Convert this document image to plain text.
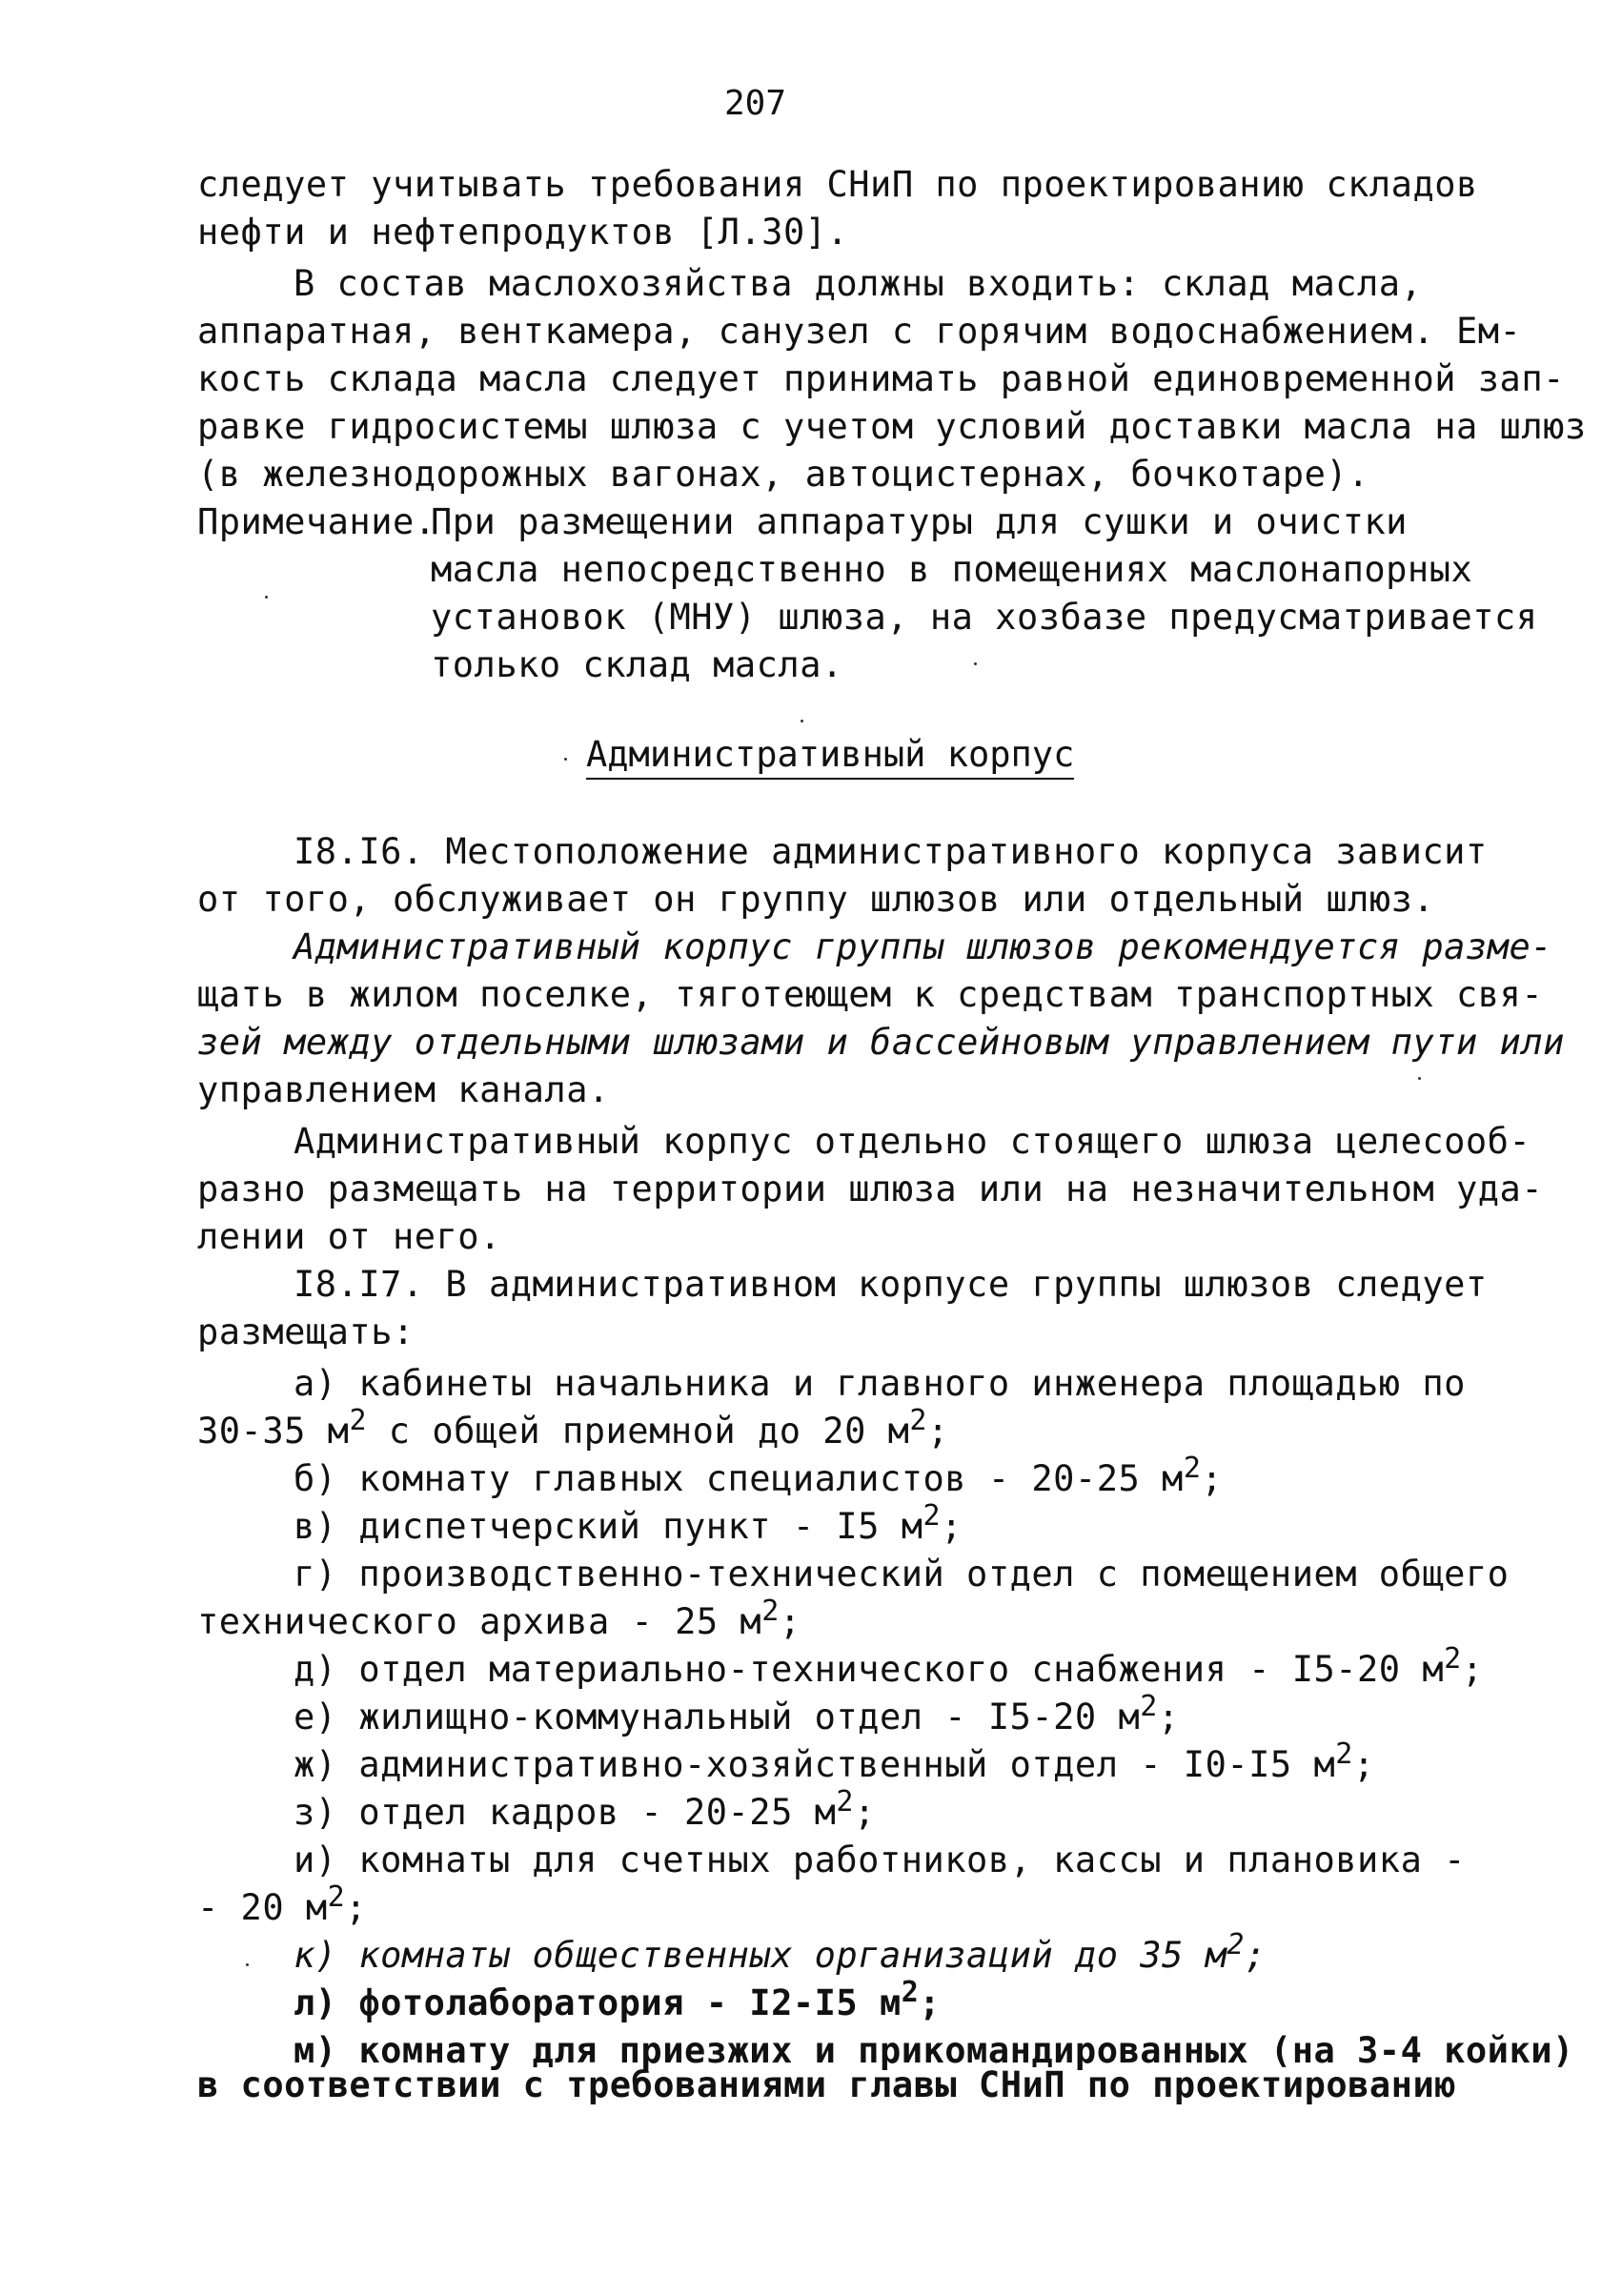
207
следует учитывать требования СНиП по проектированию складов
нефти и нефтепродуктов [Л.30].
В состав маслохозяйства должны входить: склад масла,
аппаратная, венткамера, санузел с горячим водоснабжением. Ем-
кость склада масла следует принимать равной единовременной зап-
равке гидросистемы шлюза с учетом условий доставки масла на шлюз
(в железнодорожных вагонах, автоцистернах, бочкотаре).
Примечание.
При размещении аппаратуры для сушки и очистки
масла непосредственно в помещениях маслонапорных
установок (МНУ) шлюза, на хозбазе предусматривается
только склад масла.
Административный корпус
I8.I6. Местоположение административного корпуса зависит
от того, обслуживает он группу шлюзов или отдельный шлюз.
Административный корпус группы шлюзов рекомендуется разме-
щать в жилом поселке, тяготеющем к средствам транспортных свя-
зей между отдельными шлюзами и бассейновым управлением пути или
управлением канала.
Административный корпус отдельно стоящего шлюза целесооб-
разно размещать на территории шлюза или на незначительном уда-
лении от него.
I8.I7. В административном корпусе группы шлюзов следует
размещать:
а) кабинеты начальника и главного инженера площадью по
30-35 $м^2$ с общей приемной до 20 $м^2$;
б) комнату главных специалистов - 20-25 $м^2$;
в) диспетчерский пункт - I5 $м^2$;
г) производственно-технический отдел с помещением общего
технического архива - 25 $м^2$;
д) отдел материально-технического снабжения - I5-20 $м^2$;
е) жилищно-коммунальный отдел - I5-20 $м^2$;
ж) административно-хозяйственный отдел - I0-I5 $м^2$;
з) отдел кадров - 20-25 $м^2$;
и) комнаты для счетных работников, кассы и плановика -
- 20 $м^2$;
к) комнаты общественных организаций до 35 $м^2$;
л) фотолаборатория - I2-I5 $м^2$;
м) комнату для приезжих и прикомандированных (на 3-4 койки)
в соответствии с требованиями главы СНиП по проектированию
